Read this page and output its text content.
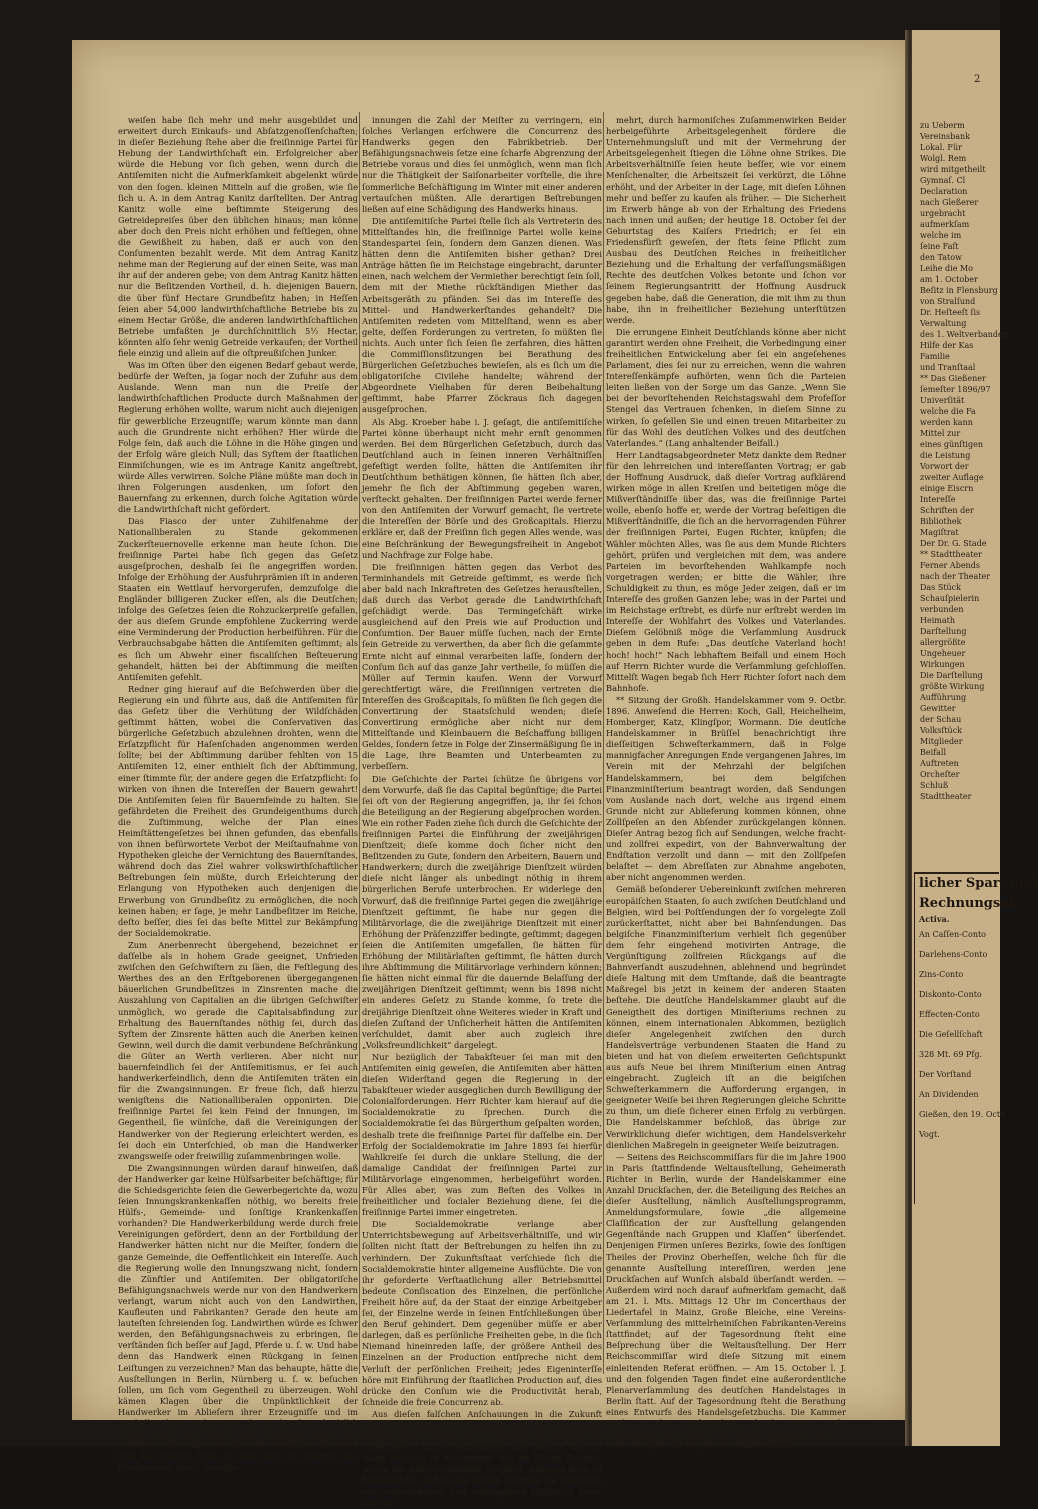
zu Ueberm
Vereinsbank
Lokal. Für
Wolgl. Rem
wird mitgetheilt
Gymnaſ. Cl
Declaration
nach Gleßerer
urgebracht
aufmerkſam
welche im
ſeine Faſt
den Tatow
Leihe die Mo
am 1. October
Beſitz in Flensburg
von Stralſund
Dr. Heſteeſt ſis
Verwaltung
des 1. Weltverbandes
Hilfe der Kas
Familie
und Tranſtaal
** Das Gießener
ſemeſter 1896/97
Univerſität
welche die Fa
werden kann
Mittel zur
eines günſtigen
die Leistung
Vorwort der
zweiter Auflage
einige Eiscrn
Intereſſe
Schriften der
Bibliothek
Magiſtrat
Der Dr. G. Stade
** Stadttheater
Ferner Abends
nach der Theater
Das Stück
Schauſpielerin
verbunden
Heimath
Darſtellung
allergrößte
Ungeheuer
Wirkungen
Die Darſtellung
größte Wirkung
Aufführung
Gewitter
der Schau
Volksſtück
Mitglieder
Beifall
Auftreten
Orcheſter
Schluß
Stadttheater
licher Spar- und
Rechnungsab
Activa.
An Caſſen-Conto
Darlehens-Conto
Zins-Conto
Diskonto-Conto
Effecten-Conto
Die Geſellſchaft
328 Mt. 69 Pfg.
Der Vorſtand
An Dividenden
Gießen, den 19. Octo
Vogt.
2

weiſen habe ſich mehr und mehr ausgebildet und erweitert durch Einkaufs- und Abſatzgenoſſenſchaften; in dieſer Beziehung ſtehe aber die freiſinnige Partei für Hebung der Landwirthſchaft ein. Erfolgreicher aber würde die Hebung vor ſich gehen, wenn durch die Antiſemiten nicht die Aufmerkſamkeit abgelenkt würde von den ſogen. kleinen Mitteln auf die großen, wie ſie ſich u. A. in dem Antrag Kanitz darſtellten. Der Antrag Kanitz wolle eine beſtimmte Steigerung des Getreidepreiſes über den üblichen hinaus; man könne aber doch den Preis nicht erhöhen und feſtlegen, ohne die Gewißheit zu haben, daß er auch von den Conſumenten bezahlt werde. Mit dem Antrag Kanitz nehme man der Regierung auf der einen Seite, was man ihr auf der anderen gebe; von dem Antrag Kanitz hätten nur die Beſitzenden Vortheil, d. h. diejenigen Bauern, die über fünf Hectare Grundbeſitz haben; in Heſſen ſeien aber 54,000 landwirthſchaftliche Betriebe bis zu einem Hectar Größe, die anderen landwirthſchaftlichen Betriebe umfaßten je durchſchnittlich 5½ Hectar, könnten alſo ſehr wenig Getreide verkaufen; der Vortheil fiele einzig und allein auf die oſtpreußiſchen Junker.

Was im Oſten über den eigenen Bedarf gebaut werde, bedürfe der Weſten, ja ſogar noch der Zufuhr aus dem Auslande. Wenn man nun die Preiſe der landwirthſchaftlichen Producte durch Maßnahmen der Regierung erhöhen wollte, warum nicht auch diejenigen für gewerbliche Erzeugniſſe; warum könnte man dann auch die Grundrente nicht erhöhen? Hier würde die Folge ſein, daß auch die Löhne in die Höhe gingen und der Erfolg wäre gleich Null; das Syſtem der ſtaatlichen Einmiſchungen, wie es im Antrage Kanitz angeſtrebt, würde Alles verwirren. Solche Pläne müßte man doch in ihren Folgerungen ausdenken, um ſofort den Bauernfang zu erkennen, durch ſolche Agitation würde die Landwirthſchaft nicht gefördert.

Das Fiasco der unter Zuhilfenahme der Nationalliberalen zu Stande gekommenen Zuckerſteuernovelle erkenne man heute ſchon. Die freiſinnige Partei habe ſich gegen das Geſetz ausgeſprochen, deshalb ſei ſie angegriffen worden. Infolge der Erhöhung der Ausfuhrprämien iſt in anderen Staaten ein Wettlauf hervorgerufen, demzufolge die Engländer billigeren Zucker eſſen, als die Deutſchen; infolge des Geſetzes ſeien die Rohzuckerpreiſe gefallen, der aus dieſem Grunde empfohlene Zuckerring werde eine Verminderung der Production herbeiführen. Für die Verbrauchsabgabe hätten die Antiſemiten geſtimmt; als es ſich um Abwehr einer fiscaliſchen Beſteuerung gehandelt, hätten bei der Abſtimmung die meiſten Antiſemiten gefehlt.

Redner ging hierauf auf die Beſchwerden über die Regierung ein und führte aus, daß die Antiſemiten für das Geſetz über die Verhütung der Wildſchäden geſtimmt hätten, wobei die Conſervativen das bürgerliche Geſetzbuch abzulehnen drohten, wenn die Erſatzpflicht für Haſenſchaden angenommen werden ſollte; bei der Abſtimmung darüber fehlten von 15 Antiſemiten 12, einer enthielt ſich der Abſtimmung, einer ſtimmte für, der andere gegen die Erſatzpflicht: ſo wirken von ihnen die Intereſſen der Bauern gewahrt! Die Antiſemiten ſeien für Bauernfeinde zu halten. Sie gefährdeten die Freiheit des Grundeigenthums durch die Zuſtimmung, welche der Plan eines Heimſtättengeſetzes bei ihnen gefunden, das ebenfalls von ihnen befürwortete Verbot der Meiſtaufnahme von Hypotheken gleiche der Vernichtung des Bauernſtandes, während doch das Ziel wahrer volkswirthſchaftlicher Beſtrebungen ſein müßte, durch Erleichterung der Erlangung von Hypotheken auch denjenigen die Erwerbung von Grundbeſitz zu ermöglichen, die noch keinen haben; er ſage, je mehr Landbeſitzer im Reiche, deſto beſſer, dies ſei das beſte Mittel zur Bekämpfung der Socialdemokratie.

Zum Anerbenrecht übergehend, bezeichnet er daſſelbe als in hohem Grade geeignet, Unfrieden zwiſchen den Geſchwiſtern zu ſäen, die Feſtlegung des Werthes des an den Erſtgeborenen übergegangenen bäuerlichen Grundbeſitzes in Zinsrenten mache die Auszahlung von Capitalien an die übrigen Geſchwiſter unmöglich, wo gerade die Capitalsabfindung zur Erhaltung des Bauernſtandes nöthig ſei, durch das Syſtem der Zinsrente hätten auch die Anerben keinen Gewinn, weil durch die damit verbundene Beſchränkung die Güter an Werth verlieren. Aber nicht nur bauernfeindlich ſei der Antiſemitismus, er ſei auch handwerkerfeindlich, denn die Antiſemiten träten ein für die Zwangsinnungen. Er freue ſich, daß hierzu wenigſtens die Nationalliberalen opponirten. Die freiſinnige Partei ſei kein Feind der Innungen, im Gegentheil, ſie wünſche, daß die Vereinigungen der Handwerker von der Regierung erleichtert werden, es ſei doch ein Unterſchied, ob man die Handwerker zwangsweiſe oder freiwillig zuſammenbringen wolle.

Die Zwangsinnungen würden darauf hinweiſen, daß der Handwerker gar keine Hülfsarbeiter beſchäftige; für die Schiedsgerichte ſeien die Gewerbegerichte da, wozu ſeien Innungskrankenkaſſen nöthig, wo bereits freie Hülfs-, Gemeinde- und ſonſtige Krankenkaſſen vorhanden? Die Handwerkerbildung werde durch freie Vereinigungen gefördert, denn an der Fortbildung der Handwerker hätten nicht nur die Meiſter, ſondern die ganze Gemeinde, die Oeffentlichkeit ein Intereſſe. Auch die Regierung wolle den Innungszwang nicht, ſondern die Zünftler und Antiſemiten. Der obligatoriſche Befähigungsnachweis werde nur von den Handwerkern verlangt, warum nicht auch von den Landwirthen, Kaufleuten und Fabrikanten? Gerade den heute am lauteſten ſchreienden ſog. Landwirthen würde es ſchwer werden, den Befähigungsnachweis zu erbringen, ſie verſtänden ſich beſſer auf Jagd, Pferde u. ſ. w. Und habe denn das Handwerk einen Rückgang in ſeinen Leiſtungen zu verzeichnen? Man das behaupte, hätte die Ausſtellungen in Berlin, Nürnberg u. ſ. w. beſuchen ſollen, um ſich vom Gegentheil zu überzeugen. Wohl kämen Klagen über die Unpünktlichkeit der Handwerker im Ablieſern ihrer Erzeugniſſe und im Ausſtellen ihrer Rechnungen, daran aber ſeien ſie ſelbſt ſchuld, und wer frage vom Publikum nach den Innungen, man frage nur nach den Leiſtungen, das Werk ſolle den Meiſter loben. Es liege nicht im Intereſſe des Handwerkes, durch Zwangs-

innungen die Zahl der Meiſter zu verringern, ein ſolches Verlangen erſchwere die Concurrenz des Handwerks gegen den Fabrikbetrieb. Der Befähigungsnachweis ſetze eine ſcharfe Abgrenzung der Betriebe voraus und dies ſei unmöglich, wenn man ſich nur die Thätigkeit der Saiſonarbeiter vorſtelle, die ihre ſommerliche Beſchäftigung im Winter mit einer anderen vertauſchen müßten. Alle derartigen Beſtrebungen ließen auf eine Schädigung des Handwerks hinaus.

Die antiſemitiſche Partei ſtelle ſich als Vertreterin des Mittelſtandes hin, die freiſinnige Partei wolle keine Standespartei ſein, ſondern dem Ganzen dienen. Was hätten denn die Antiſemiten bisher gethan? Drei Anträge hätten ſie im Reichstage eingebracht, darunter einen, nach welchem der Vermiether berechtigt ſein ſoll, dem mit der Miethe rückſtändigen Miether das Arbeitsgeräth zu pfänden. Sei das im Intereſſe des Mittel- und Handwerkerſtandes gehandelt? Die Antiſemiten redeten vom Mittelſtand, wenn es aber gelte, deſſen Forderungen zu vertreten, ſo müßten ſie nichts. Auch unter ſich ſeien ſie zerfahren, dies hätten die Commiſſionsſitzungen bei Berathung des Bürgerlichen Geſetzbuches bewieſen, als es ſich um die obligatoriſche Civilehe handelte; während der Abgeordnete Vielhaben für deren Beibehaltung geſtimmt, habe Pfarrer Zöckraus ſich dagegen ausgeſprochen.

Als Abg. Kroeber habe i. J. geſagt, die antiſemitiſche Partei könne überhaupt nicht mehr ernſt genommen werden. Bei dem Bürgerlichen Geſetzbuch, durch das Deutſchland auch in ſeinen inneren Verhältniſſen gefeſtigt werden ſollte, hätten die Antiſemiten ihr Deutſchthum bethätigen können, ſie hätten ſich aber, jemehr ſie ſich der Abſtimmung gegeben waren, verſteckt gehalten. Der freiſinnigen Partei werde ferner von den Antiſemiten der Vorwurf gemacht, ſie vertrete die Intereſſen der Börſe und des Großcapitals. Hierzu erkläre er, daß der Freiſinn ſich gegen Alles wende, was eine Beſchränkung der Bewegungsfreiheit in Angebot und Nachfrage zur Folge habe.

Die freiſinnigen hätten gegen das Verbot des Terminhandels mit Getreide geſtimmt, es werde ſich aber bald nach Inkraftreten des Geſetzes herausſtellen, daß durch das Verbot gerade die Landwirthſchaft geſchädigt werde. Das Termingeſchäft wirke ausgleichend auf den Preis wie auf Production und Conſumtion. Der Bauer müſſe ſuchen, nach der Ernte ſein Getreide zu verwerthen, da aber ſich die geſammte Ernte nicht auf einmal verarbeiten laſſe, ſondern der Conſum ſich auf das ganze Jahr vertheile, ſo müſſen die Müller auf Termin kaufen. Wenn der Vorwurf gerechtfertigt wäre, die Freiſinnigen vertreten die Intereſſen des Großcapitals, ſo müßten ſie ſich gegen die Convertirung der Staatsſchuld wenden; dieſe Convertirung ermögliche aber nicht nur dem Mittelſtande und Kleinbauern die Beſchaffung billigen Geldes, ſondern ſetze in Folge der Zinsermäßigung ſie in die Lage, ihre Beamten und Unterbeamten zu verbeſſern.

Die Geſchichte der Partei ſchütze ſie übrigens vor dem Vorwurfe, daß ſie das Capital begünſtige; die Partei ſei oft von der Regierung angegriffen, ja, ihr ſei ſchon die Beteiligung an der Regierung abgeſprochen worden. Wie ein rother Faden ziehe ſich durch die Geſchichte der freiſinnigen Partei die Einführung der zweijährigen Dienſtzeit; dieſe komme doch ſicher nicht den Beſitzenden zu Gute, ſondern den Arbeitern, Bauern und Handwerkern; durch die zweijährige Dienſtzeit würden dieſe nicht länger als unbedingt nöthig in ihrem bürgerlichen Berufe unterbrochen. Er widerlege den Vorwurf, daß die freiſinnige Partei gegen die zweijährige Dienſtzeit geſtimmt, ſie habe nur gegen die Militärvorlage, die die zweijährige Dienſtzeit mit einer Erhöhung der Präſenzziffer bedingte, geſtimmt; dagegen ſeien die Antiſemiten umgefallen, ſie hätten für Erhöhung der Militärlaſten geſtimmt, ſie hätten durch ihre Abſtimmung die Militärvorlage verhindern können; ſie hätten nicht einmal für die dauernde Belaſſung der zweijährigen Dienſtzeit geſtimmt; wenn bis 1898 nicht ein anderes Geſetz zu Stande komme, ſo trete die dreijährige Dienſtzeit ohne Weiteres wieder in Kraft und dieſen Zuſtand der Unſicherheit hätten die Antiſemiten verſchuldet, damit aber auch zugleich ihre „Volksfreundlichkeit“ dargelegt.

Nur bezüglich der Tabakſteuer ſei man mit den Antiſemiten einig geweſen, die Antiſemiten aber hätten dieſen Widerſtand gegen die Regierung in der Tabakſteuer wieder ausgeglichen durch Bewilligung der Colonialforderungen. Herr Richter kam hierauf auf die Socialdemokratie zu ſprechen. Durch die Socialdemokratie ſei das Bürgerthum geſpalten worden, deshalb trete die freiſinnige Partei für daſſelbe ein. Der Erfolg der Socialdemokratie im Jahre 1893 ſei hierfür Wahlkreiſe ſei durch die unklare Stellung, die der damalige Candidat der freiſinnigen Partei zur Militärvorlage eingenommen, herbeigeführt worden. Für Alles aber, was zum Beſten des Volkes in freiheitlicher und ſocialer Beziehung diene, ſei die freiſinnige Partei immer eingetreten.

Die Socialdemokratie verlange aber Unterrichtsbewegung auf Arbeitsverhältniſſe, und wir ſollten nicht ſtatt der Beſtrebungen zu helfen ihn zu verhindern. Der Zukunftsſtaat verſchiede ſich die Socialdemokratie hinter allgemeine Ausflüchte. Die von ihr geforderte Verſtaatlichung aller Betriebsmittel bedeute Conſiscation des Einzelnen, die perſönliche Freiheit höre auf, da der Staat der einzige Arbeitgeber ſei, der Einzelne werde in ſeinen Entſchließungen über den Beruf gehindert. Dem gegenüber müſſe er aber darlegen, daß es perſönliche Freiheiten gebe, in die ſich Niemand hineinreden laſſe, der größere Antheil des Einzelnen an der Production entſpreche nicht dem Verluſt der perſönlichen Freiheit; jedes Eigeninterſſe höre mit Einführung der ſtaatlichen Production auf, dies drücke den Conſum wie die Productivität herab, ſchneide die freie Concurrenz ab.

Aus dieſen falſchen Anſchauungen in die Zukunft kämen die falſchen Anſchauungen über die Gegenwart. Redner ſtellte Vergleiche an zwiſchen den Sorgen von Arbeitgebern und Arbeitnehmern und betonte, daß, ſo lange Arbeiter in Arbeitgeber nur im Kriege ſtanden, werde das Arbeitsverhältniß vergiftet, während doch zu bedenken ſei, daß in den letzten Gründen die Intereſſen von Arbeitnehmern und Arbeitgebern ſolidariſch ſeien. Die ver-

mehrt, durch harmoniſches Zuſammenwirken Beider herbeigeführte Arbeitsgelegenheit fördere die Unternehmungsluſt und mit der Vermehrung der Arbeitsgelegenheit ſtiegen die Löhne ohne Strikes. Die Arbeitsverhältniſſe ſeien heute beſſer, wie vor einem Menſchenalter, die Arbeitszeit ſei verkürzt, die Löhne erhöht, und der Arbeiter in der Lage, mit dieſen Löhnen mehr und beſſer zu kaufen als früher. — Die Sicherheit im Erwerb hänge ab von der Erhaltung des Friedens nach innen und außen; der heutige 18. October ſei der Geburtstag des Kaiſers Friedrich; er ſei ein Friedensfürſt geweſen, der ſtets ſeine Pflicht zum Ausbau des Deutſchen Reiches in freiheitlicher Beziehung und die Erhaltung der verfaſſungsmäßigen Rechte des deutſchen Volkes betonte und ſchon vor ſeinem Regierungsantritt der Hoffnung Ausdruck gegeben habe, daß die Generation, die mit ihm zu thun habe, ihn in freiheitlicher Beziehung unterſtützen werde.

Die errungene Einheit Deutſchlands könne aber nicht garantirt werden ohne Freiheit, die Vorbedingung einer freiheitlichen Entwickelung aber ſei ein angeſehenes Parlament, dies ſei nur zu erreichen, wenn die wahren Intereſſenkämpfe aufhörten, wenn ſich die Parteien leiten ließen von der Sorge um das Ganze. „Wenn Sie bei der bevorſtehenden Reichstagswahl dem Profeſſor Stengel das Vertrauen ſchenken, in dieſem Sinne zu wirken, ſo geſellen Sie und einen treuen Mitarbeiter zu für das Wohl des deutſchen Volkes und des deutſchen Vaterlandes.“ (Lang anhaltender Beifall.)

Herr Landtagsabgeordneter Metz dankte dem Redner für den lehrreichen und intereſſanten Vortrag; er gab der Hoffnung Ausdruck, daß dieſer Vortrag aufklärend wirken möge in allen Kreiſen und beitetigen möge die Mißverſtändniſſe über das, was die freiſinnige Partei wolle, ebenſo hoffe er, werde der Vortrag beſeitigen die Mißverſtändniſſe, die ſich an die hervorragenden Führer der freiſinnigen Partei, Eugen Richter, knüpfen; die Wähler möchten Alles, was ſie aus dem Munde Richters gehört, prüfen und vergleichen mit dem, was andere Parteien im bevorſtehenden Wahlkampfe noch vorgetragen werden; er bitte die Wähler, ihre Schuldigkeit zu thun, es möge Jeder zeigen, daß er im Intereſſe des großen Ganzen lebe; was in der Partei und im Reichstage erſtrebt, es dürfe nur erſtrebt werden im Intereſſe der Wohlfahrt des Volkes und Vaterlandes. Dieſem Gelöbniß möge die Verſammlung Ausdruck geben in dem Rufe: „Das deutſche Vaterland hoch! hoch! hoch!“ Nach lebhaftem Beifall und einem Hoch auf Herrn Richter wurde die Verſammlung geſchloſſen. Mittelſt Wagen begab ſich Herr Richter ſofort nach dem Bahnhofe.

** Sitzung der Großh. Handelskammer vom 9. Octbr. 1896. Anweſend die Herren: Koch, Gall, Heichelheim, Homberger, Katz, Klingſpor, Wormann. Die deutſche Handelskammer in Brüſſel benachrichtigt ihre dieſſeitigen Schweſterkammern, daß in Folge mannigfacher Anregungen Ende vergangenen Jahres, im Verein mit der Mehrzahl der belgiſchen Handelskammern, bei dem belgiſchen Finanzminiſterium beantragt worden, daß Sendungen vom Auslande nach dort, welche aus irgend einem Grunde nicht zur Ablieferung kommen können, ohne Zollſpeſen an den Abſender zurückgelangen können. Dieſer Antrag bezog ſich auf Sendungen, welche fracht- und zollfrei expedirt, von der Bahnverwaltung der Endſtation verzollt und dann — mit den Zollſpeſen belaſtet — dem Abreſſaten zur Abnahme angeboten, aber nicht angenommen werden.

Gemäß beſonderer Uebereinkunft zwiſchen mehreren europäiſchen Staaten, ſo auch zwiſchen Deutſchland und Belgien, wird bei Poſtſendungen der ſo vorgelegte Zoll zurückerſtattet, nicht aber bei Bahnſendungen. Das belgiſche Finanzminiſterium verhielt ſich gegenüber dem ſehr eingehend motivirten Antrage, die Vergünſtigung zollfreien Rückgangs auf die Bahnverſandt auszudehnen, ablehnend und begründet dieſe Haltung mit dem Umſtande, daß die beantragte Maßregel bis jetzt in keinem der anderen Staaten beſtehe. Die deutſche Handelskammer glaubt auf die Geneigtheit des dortigen Miniſteriums rechnen zu können, einem internationalen Abkommen, bezüglich dieſer Angelegenheit zwiſchen den durch Handelsverträge verbundenen Staaten die Hand zu bieten und hat von dieſem erweiterten Geſichtspunkt aus aufs Neue bei ihrem Miniſterium einen Antrag eingebracht. Zugleich iſt an die beigiſchen Schweſterkammern die Aufforderung ergangen, in geeigneter Weiſe bei ihren Regierungen gleiche Schritte zu thun, um dieſe ſicherer einen Erfolg zu verbürgen. Die Handelskammer beſchloß, das übrige zur Verwirklichung dieſer wichtigen, dem Handelsverkehr dienlichen Maßregeln in geeigneter Weiſe beizutragen.

— Seitens des Reichscommiſſars für die im Jahre 1900 in Paris ſtattfindende Weltausſtellung, Geheimerath Richter in Berlin, wurde der Handelskammer eine Anzahl Druckſachen, der. die Beteiligung des Reiches an dieſer Ausſtellung, nämlich Ausſtellungsprogramm, Anmeldungsformulare, ſowie „die allgemeine Claſſification der zur Ausſtellung gelangenden Gegenſtände nach Gruppen und Klaſſen“ überſendet. Denjenigen Firmen unſeres Bezirks, ſowie des ſonſtigen Theiles der Provinz Oberheſſen, welche ſich für die genannte Ausſtellung intereſſiren, werden jene Druckſachen auf Wunſch alsbald überſandt werden. — Außerdem wird noch darauf aufmerkſam gemacht, daß am 21. l. Mts. Mittags 12 Uhr im Concerthaus der Liedertafel in Mainz, Große Bleiche, eine Vereins-Verſammlung des mittelrheiniſchen Fabrikanten-Vereins ſtattfindet; auf der Tagesordnung ſteht eine Beſprechung über die Weltausſtellung. Der Herr Reichscommiſſar wird dieſe Sitzung mit einem einleitenden Referat eröffnen. — Am 15. October l. J. und den folgenden Tagen findet eine außerordentliche Plenarverſammlung des deutſchen Handelstages in Berlin ſtatt. Auf der Tagesordnung ſteht die Berathung eines Entwurfs des Handelsgeſetzbuchs. Die Kammer wird in der Verſammlung durch Herrn Geh. Commerzienrath Michel in Mainz vertreten ſein. — Einer Eingabe der Bergiſchen Handelskammer
